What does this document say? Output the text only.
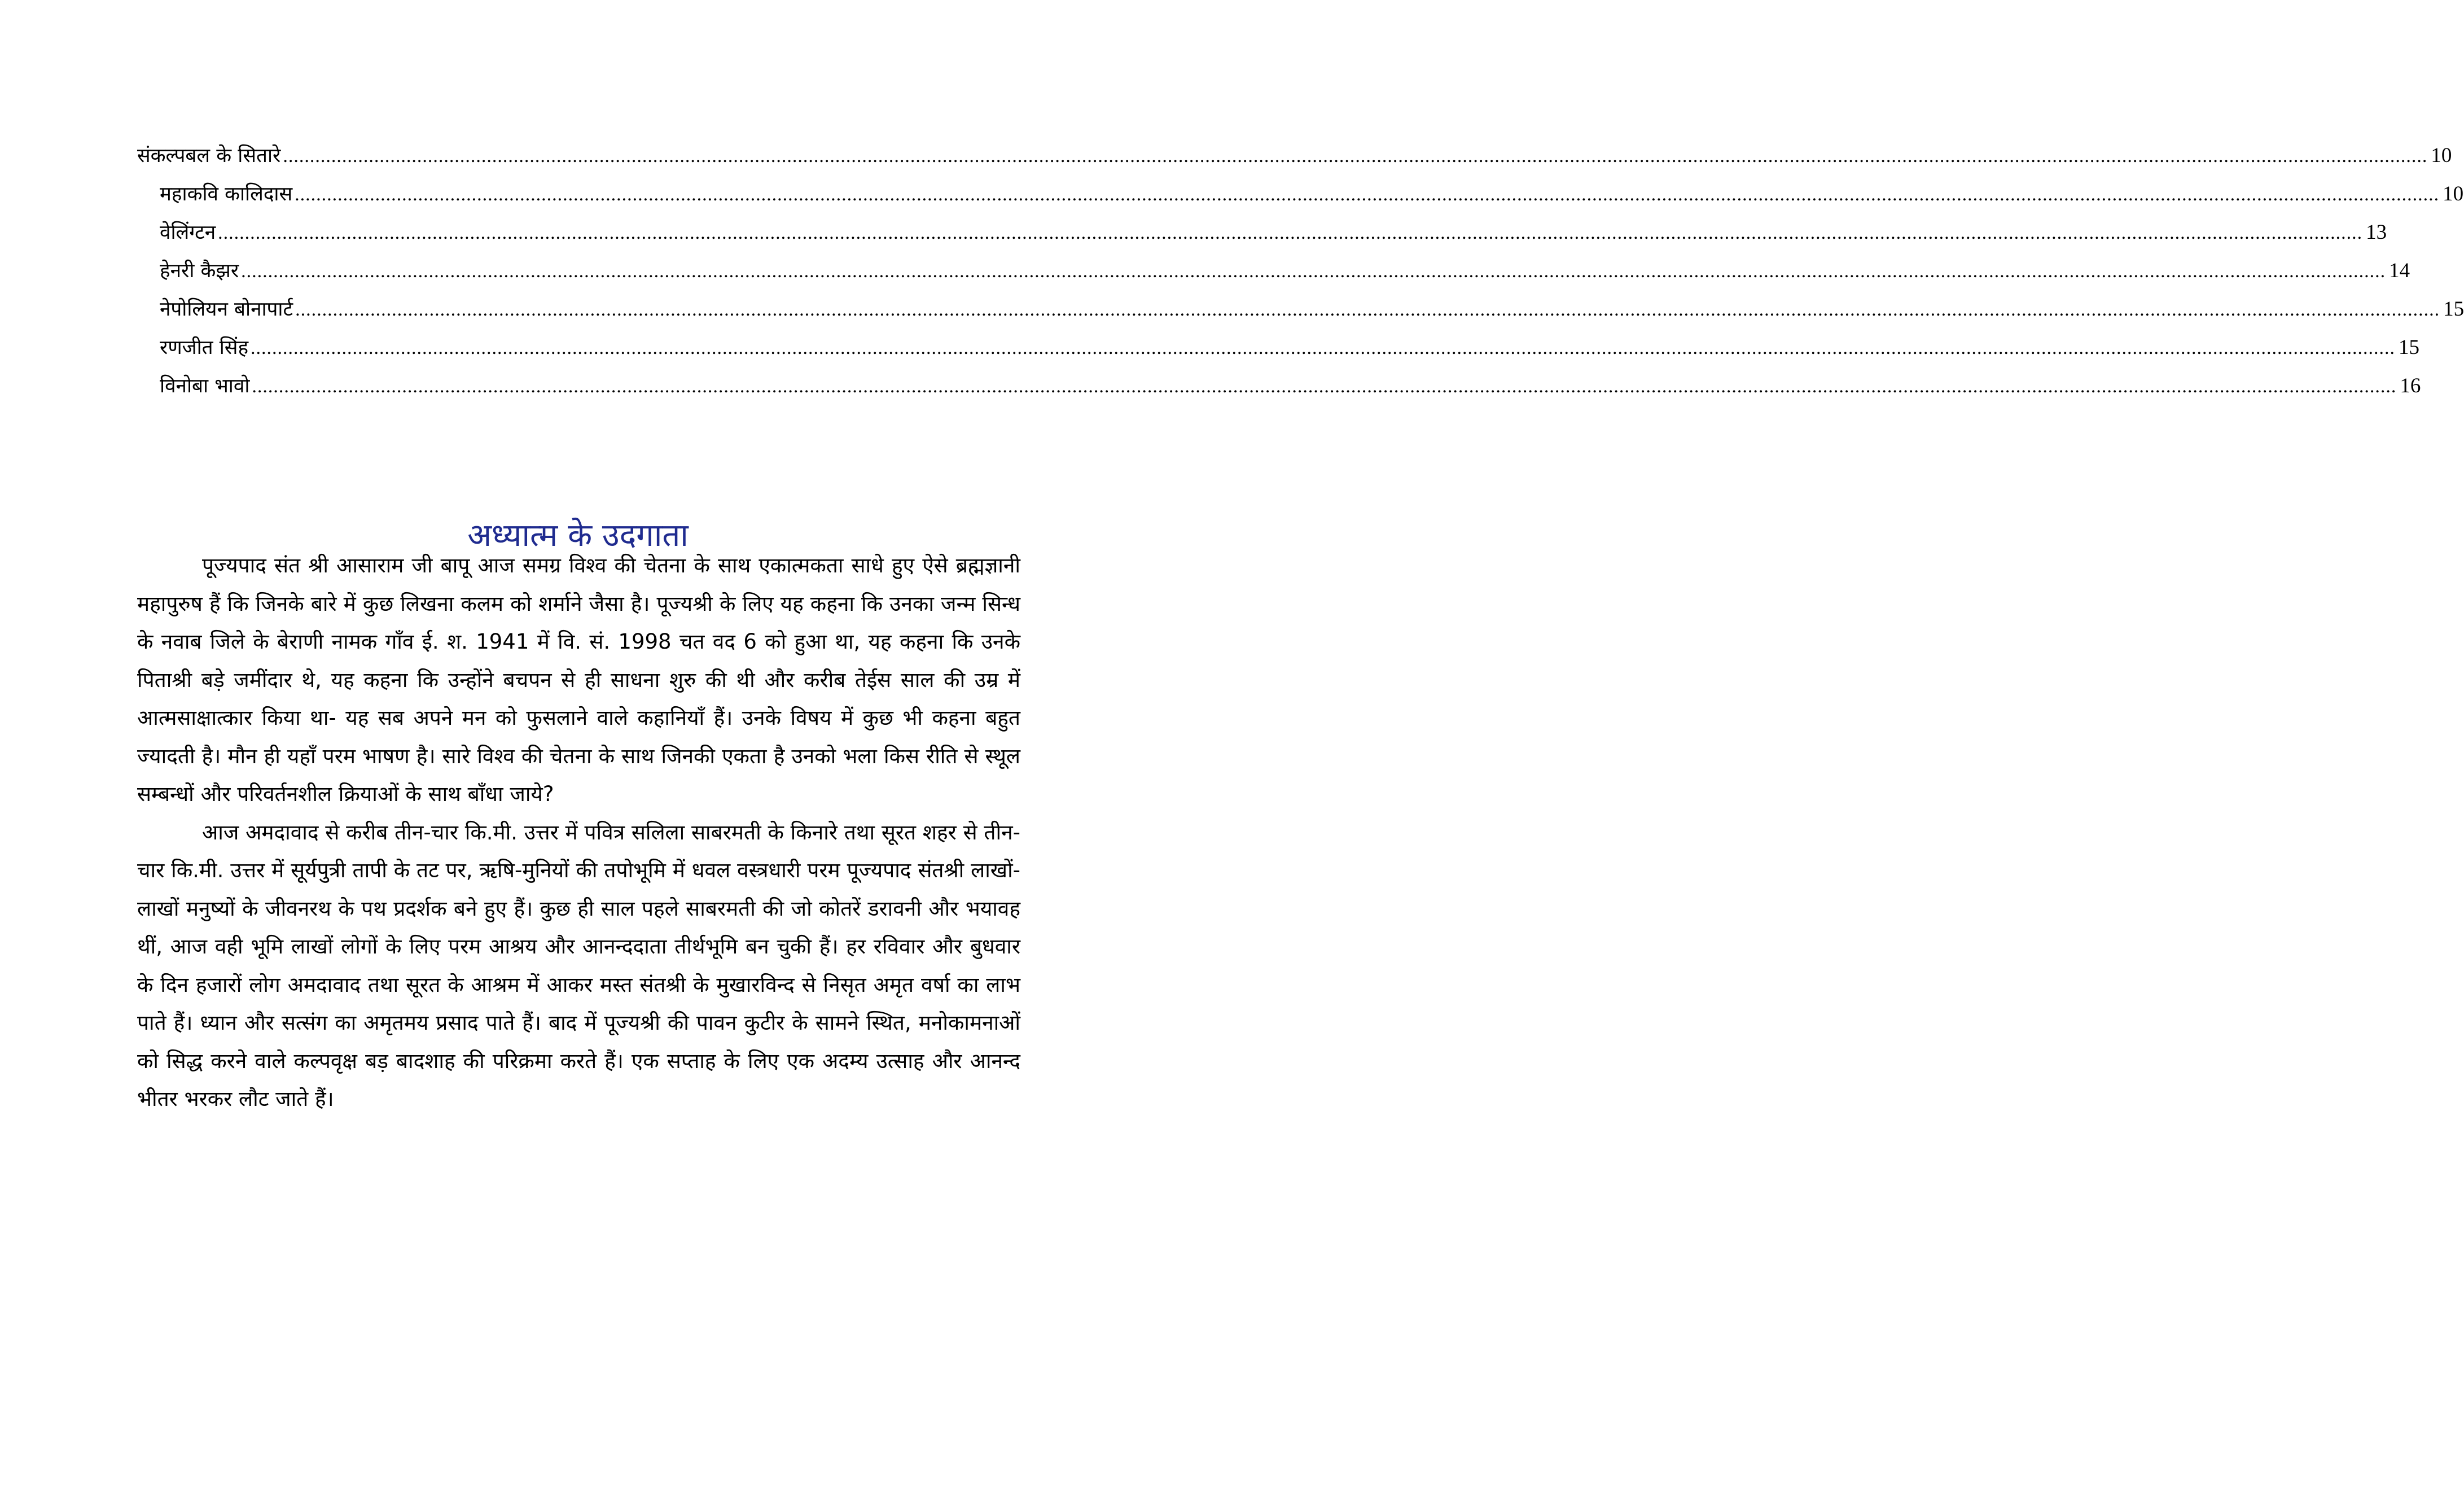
संकल्पबल के सितारे ................................................................................................................................................................................................................................................................................................................................................................................................................ 10
महाकवि कालिदास ................................................................................................................................................................................................................................................................................................................................................................................................................ 10
वेलिंग्टन ................................................................................................................................................................................................................................................................................................................................................................................................................ 13
हेनरी कैझर ................................................................................................................................................................................................................................................................................................................................................................................................................ 14
नेपोलियन बोनापार्ट ................................................................................................................................................................................................................................................................................................................................................................................................................ 15
रणजीत सिंह ................................................................................................................................................................................................................................................................................................................................................................................................................ 15
विनोबा भावो ................................................................................................................................................................................................................................................................................................................................................................................................................ 16
अध्यात्म के उदगाता

पूज्यपाद संत श्री आसाराम जी बापू आज समग्र विश्व की चेतना के साथ एकात्मकता साधे हुए ऐसे ब्रह्मज्ञानी महापुरुष हैं कि जिनके बारे में कुछ लिखना कलम को शर्माने जैसा है। पूज्यश्री के लिए यह कहना कि उनका जन्म सिन्ध के नवाब जिले के बेराणी नामक गाँव ई. श. 1941 में वि. सं. 1998 चत वद 6 को हुआ था, यह कहना कि उनके पिताश्री बड़े जमींदार थे, यह कहना कि उन्होंने बचपन से ही साधना शुरु की थी और करीब तेईस साल की उम्र में आत्मसाक्षात्कार किया था- यह सब अपने मन को फुसलाने वाले कहानियाँ हैं। उनके विषय में कुछ भी कहना बहुत ज्यादती है। मौन ही यहाँ परम भाषण है। सारे विश्व की चेतना के साथ जिनकी एकता है उनको भला किस रीति से स्थूल सम्बन्धों और परिवर्तनशील क्रियाओं के साथ बाँधा जाये?

आज अमदावाद से करीब तीन-चार कि.मी. उत्तर में पवित्र सलिला साबरमती के किनारे तथा सूरत शहर से तीन-चार कि.मी. उत्तर में सूर्यपुत्री तापी के तट पर, ऋषि-मुनियों की तपोभूमि में धवल वस्त्रधारी परम पूज्यपाद संतश्री लाखों-लाखों मनुष्यों के जीवनरथ के पथ प्रदर्शक बने हुए हैं। कुछ ही साल पहले साबरमती की जो कोतरें डरावनी और भयावह थीं, आज वही भूमि लाखों लोगों के लिए परम आश्रय और आनन्ददाता तीर्थभूमि बन चुकी हैं। हर रविवार और बुधवार के दिन हजारों लोग अमदावाद तथा सूरत के आश्रम में आकर मस्त संतश्री के मुखारविन्द से निसृत अमृत वर्षा का लाभ पाते हैं। ध्यान और सत्संग का अमृतमय प्रसाद पाते हैं। बाद में पूज्यश्री की पावन कुटीर के सामने स्थित, मनोकामनाओं को सिद्ध करने वाले कल्पवृक्ष बड़ बादशाह की परिक्रमा करते हैं। एक सप्ताह के लिए एक अदम्य उत्साह और आनन्द भीतर भरकर लौट जाते हैं।
